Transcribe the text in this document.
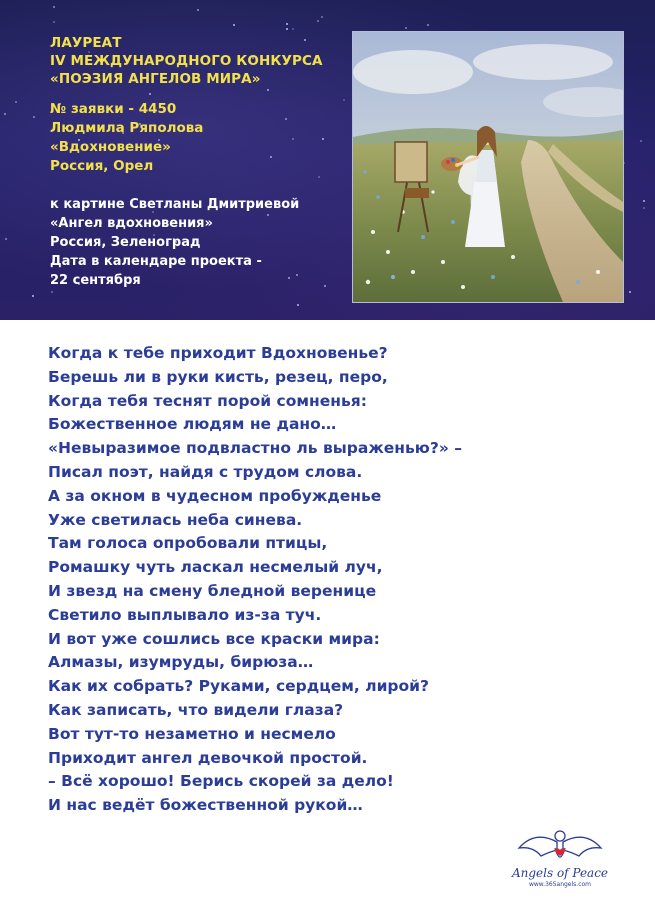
ЛАУРЕАТ
IV МЕЖДУНАРОДНОГО КОНКУРСА
«ПОЭЗИЯ АНГЕЛОВ МИРА»
№ заявки - 4450
Людмила Ряполова
«Вдохновение»
Россия, Орел
к картине Светланы Дмитриевой
«Ангел вдохновения»
Россия, Зеленоград
Дата в календаре проекта -
22 сентября
Когда к тебе приходит Вдохновенье?
Берешь ли в руки кисть, резец, перо,
Когда тебя теснят порой сомненья:
Божественное людям не дано…
«Невыразимое подвластно ль выраженью?» –
Писал поэт, найдя с трудом слова.
А за окном в чудесном пробужденье
Уже светилась неба синева.
Там голоса опробовали птицы,
Ромашку чуть ласкал несмелый луч,
И звезд на смену бледной веренице
Светило выплывало из-за туч.
И вот уже сошлись все краски мира:
Алмазы, изумруды, бирюза…
Как их собрать? Руками, сердцем, лирой?
Как записать, что видели глаза?
Вот тут-то незаметно и несмело
Приходит ангел девочкой простой.
– Всё хорошо! Берись скорей за дело!
И нас ведёт божественной рукой…
Angels of Peace
www.365angels.com
